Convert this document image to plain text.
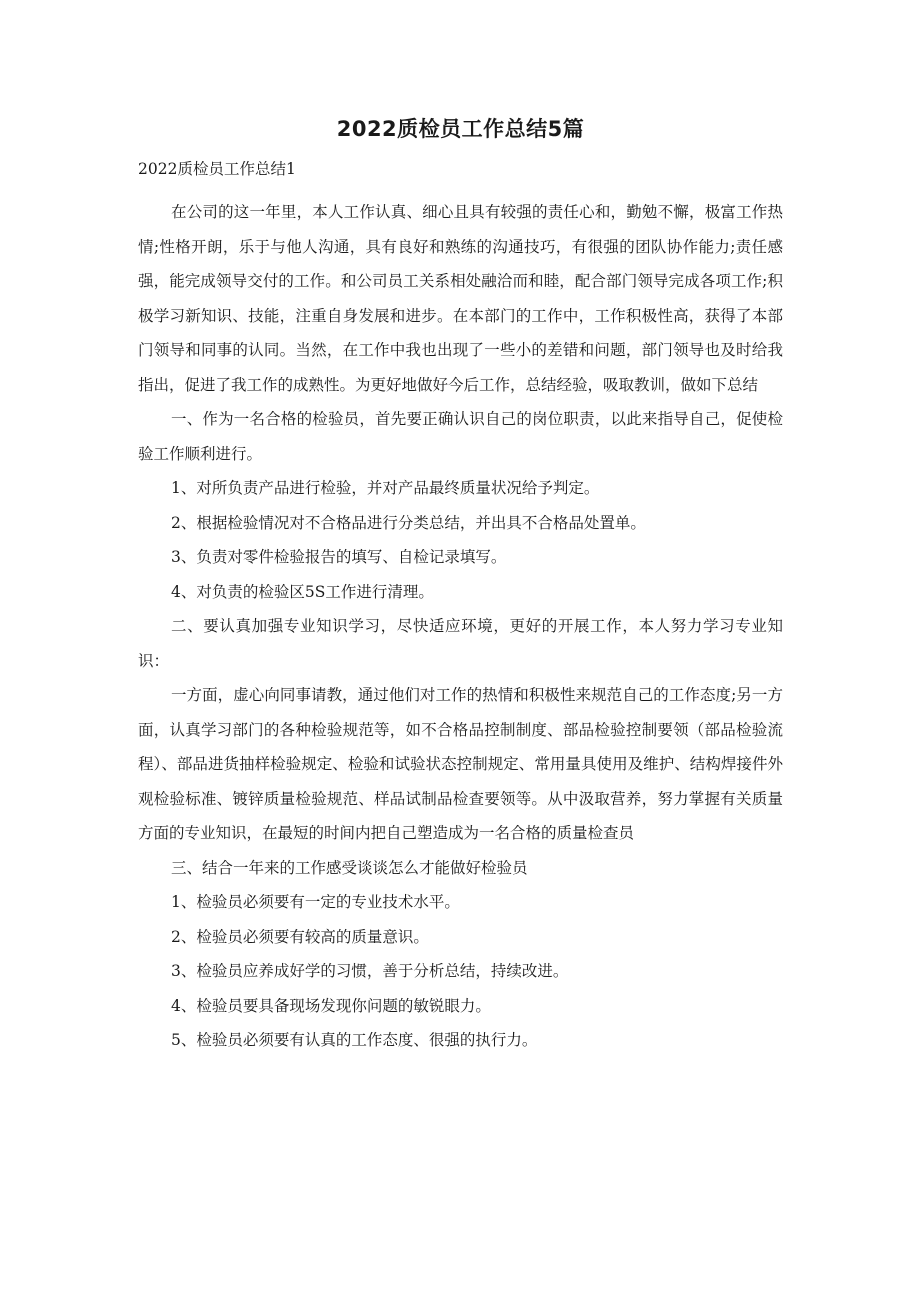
2022质检员工作总结5篇

2022质检员工作总结1

在公司的这一年里，本人工作认真、细心且具有较强的责任心和，勤勉不懈，极富工作热情;性格开朗，乐于与他人沟通，具有良好和熟练的沟通技巧，有很强的团队协作能力;责任感强，能完成领导交付的工作。和公司员工关系相处融洽而和睦，配合部门领导完成各项工作;积极学习新知识、技能，注重自身发展和进步。在本部门的工作中，工作积极性高，获得了本部门领导和同事的认同。当然，在工作中我也出现了一些小的差错和问题，部门领导也及时给我指出，促进了我工作的成熟性。为更好地做好今后工作，总结经验，吸取教训，做如下总结

一、作为一名合格的检验员，首先要正确认识自己的岗位职责，以此来指导自己，促使检验工作顺利进行。

1、对所负责产品进行检验，并对产品最终质量状况给予判定。

2、根据检验情况对不合格品进行分类总结，并出具不合格品处置单。

3、负责对零件检验报告的填写、自检记录填写。

4、对负责的检验区5S工作进行清理。

二、要认真加强专业知识学习，尽快适应环境，更好的开展工作，本人努力学习专业知识：

一方面，虚心向同事请教，通过他们对工作的热情和积极性来规范自己的工作态度;另一方面，认真学习部门的各种检验规范等，如不合格品控制制度、部品检验控制要领（部品检验流程）、部品进货抽样检验规定、检验和试验状态控制规定、常用量具使用及维护、结构焊接件外观检验标准、镀锌质量检验规范、样品试制品检查要领等。从中汲取营养，努力掌握有关质量方面的专业知识，在最短的时间内把自己塑造成为一名合格的质量检查员

三、结合一年来的工作感受谈谈怎么才能做好检验员

1、检验员必须要有一定的专业技术水平。

2、检验员必须要有较高的质量意识。

3、检验员应养成好学的习惯，善于分析总结，持续改进。

4、检验员要具备现场发现你问题的敏锐眼力。

5、检验员必须要有认真的工作态度、很强的执行力。
